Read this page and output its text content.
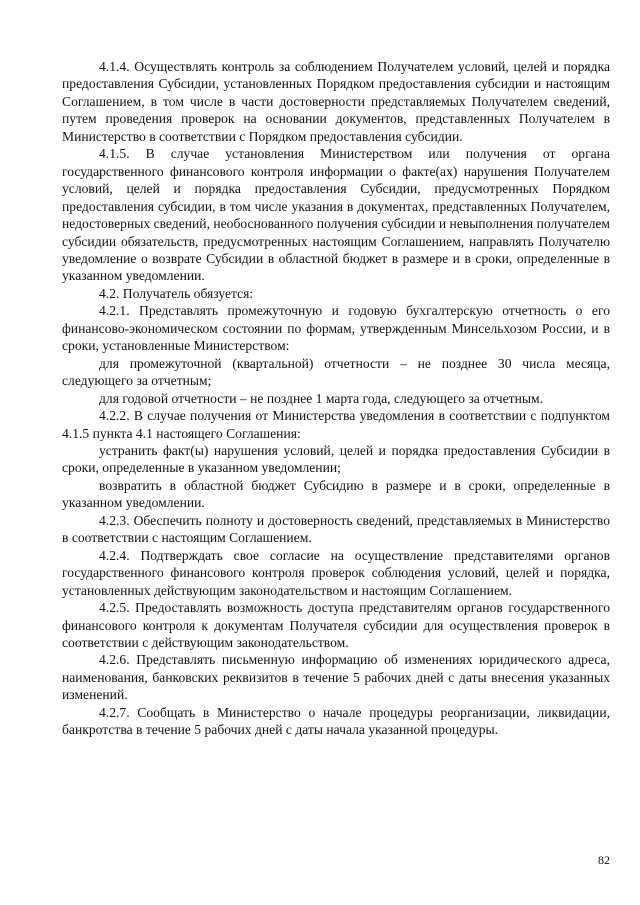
4.1.4. Осуществлять контроль за соблюдением Получателем условий, целей и порядка предоставления Субсидии, установленных Порядком предоставления субсидии и настоящим Соглашением, в том числе в части достоверности представляемых Получателем сведений, путем проведения проверок на основании документов, представленных Получателем в Министерство в соответствии с Порядком предоставления субсидии.

4.1.5. В случае установления Министерством или получения от органа государственного финансового контроля информации о факте(ах) нарушения Получателем условий, целей и порядка предоставления Субсидии, предусмотренных Порядком предоставления субсидии, в том числе указания в документах, представленных Получателем, недостоверных сведений, необоснованного получения субсидии и невыполнения получателем субсидии обязательств, предусмотренных настоящим Соглашением, направлять Получателю уведомление о возврате Субсидии в областной бюджет в размере и в сроки, определенные в указанном уведомлении.

4.2. Получатель обязуется:

4.2.1. Представлять промежуточную и годовую бухгалтерскую отчетность о его финансово-экономическом состоянии по формам, утвержденным Минсельхозом России, и в сроки, установленные Министерством:

для промежуточной (квартальной) отчетности – не позднее 30 числа месяца, следующего за отчетным;

для годовой отчетности – не позднее 1 марта года, следующего за отчетным.

4.2.2. В случае получения от Министерства уведомления в соответствии с подпунктом 4.1.5 пункта 4.1 настоящего Соглашения:

устранить факт(ы) нарушения условий, целей и порядка предоставления Субсидии в сроки, определенные в указанном уведомлении;

возвратить в областной бюджет Субсидию в размере и в сроки, определенные в указанном уведомлении.

4.2.3. Обеспечить полноту и достоверность сведений, представляемых в Министерство в соответствии с настоящим Соглашением.

4.2.4. Подтверждать свое согласие на осуществление представителями органов государственного финансового контроля проверок соблюдения условий, целей и порядка, установленных действующим законодательством и настоящим Соглашением.

4.2.5. Предоставлять возможность доступа представителям органов государственного финансового контроля к документам Получателя субсидии для осуществления проверок в соответствии с действующим законодательством.

4.2.6. Представлять письменную информацию об изменениях юридического адреса, наименования, банковских реквизитов в течение 5 рабочих дней с даты внесения указанных изменений.

4.2.7. Сообщать в Министерство о начале процедуры реорганизации, ликвидации, банкротства в течение 5 рабочих дней с даты начала указанной процедуры.

82
